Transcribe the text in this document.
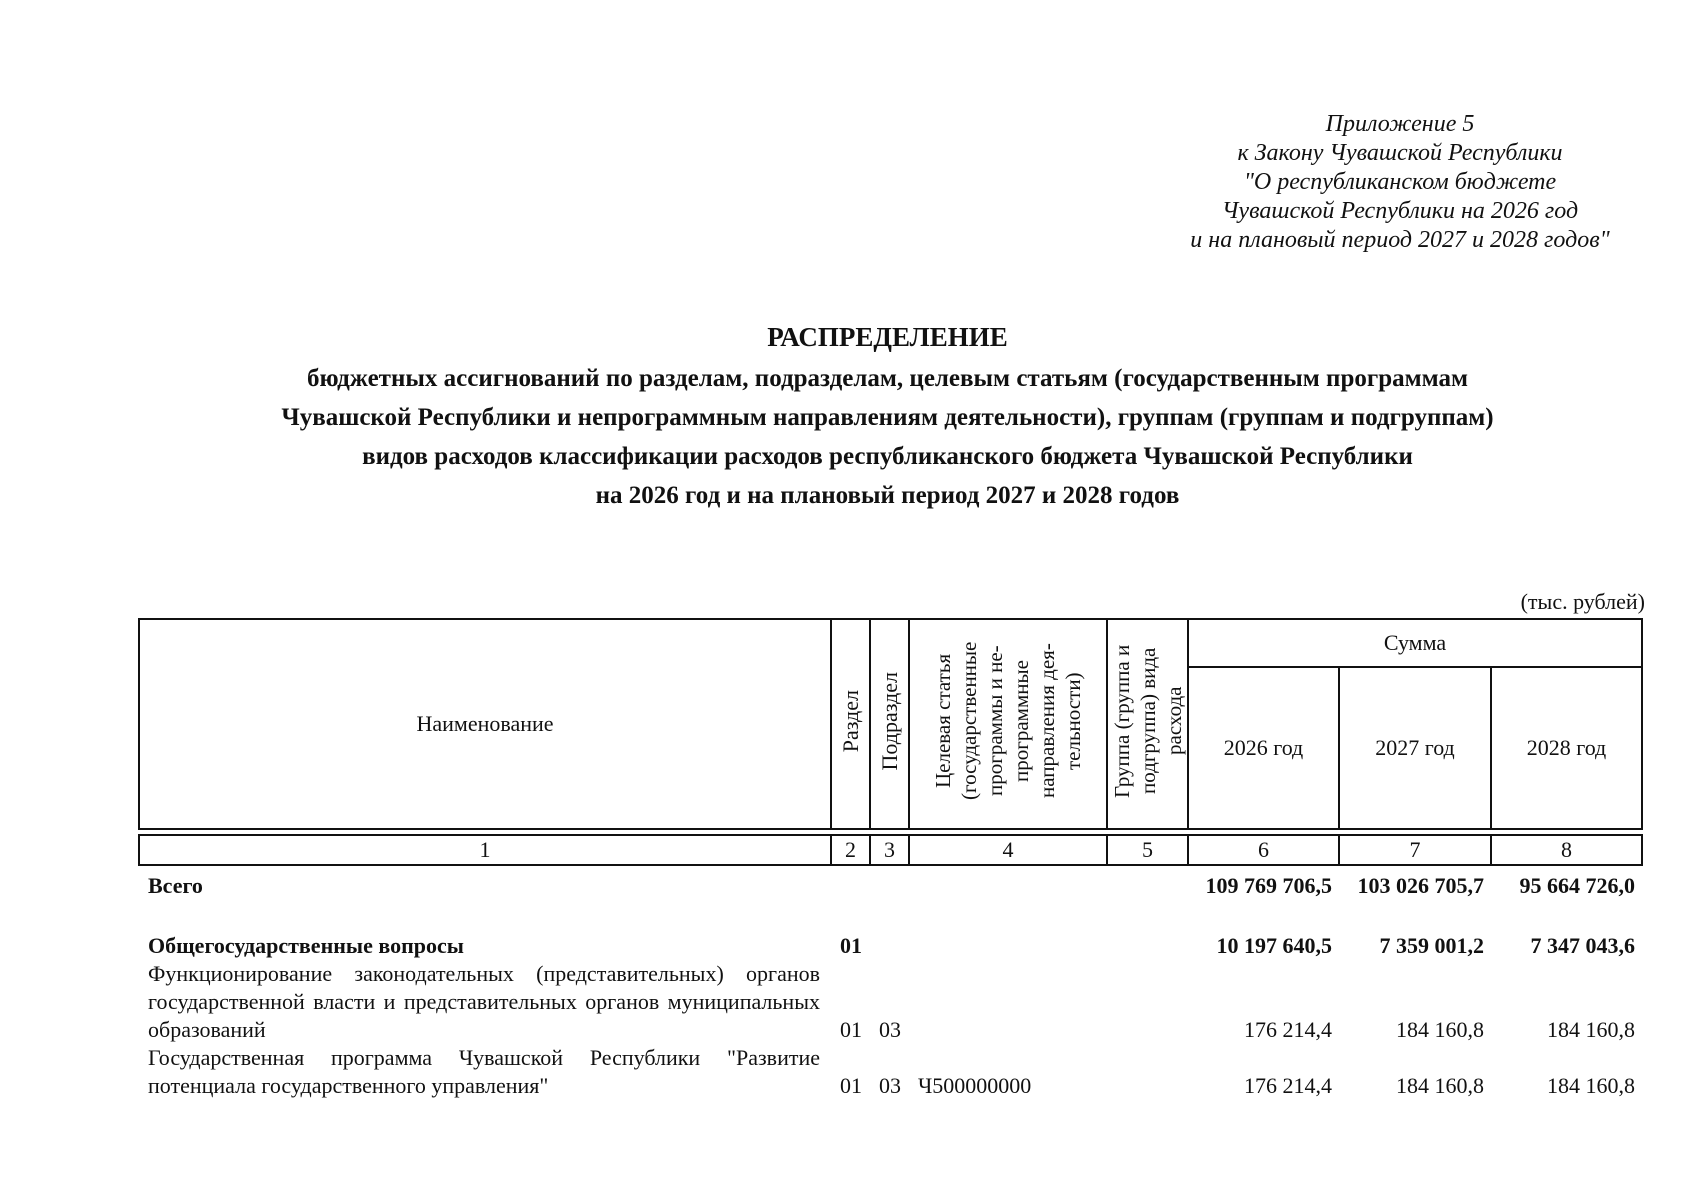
Приложение 5
к Закону Чувашской Республики
"О республиканском бюджете
Чувашской Республики на 2026 год
и на плановый период 2027 и 2028 годов"
РАСПРЕДЕЛЕНИЕ
бюджетных ассигнований по разделам, подразделам, целевым статьям (государственным программам
Чувашской Республики и непрограммным направлениям деятельности), группам (группам и подгруппам)
видов расходов классификации расходов республиканского бюджета Чувашской Республики
на 2026 год и на плановый период 2027 и 2028 годов
(тыс. рублей)
Наименование	Раздел	Подраздел	Целевая статья (государственные программы и не-программные направления дея-тельности)	Группа (группа и подгруппа) вида расхода	Сумма		
					2026 год	2027 год	2028 год

1	2	3	4	5	6	7	8
Всего					109 769 706,5	103 026 705,7	95 664 726,0
Общегосударственные вопросы	01				10 197 640,5	7 359 001,2	7 347 043,6
Функционирование законодательных (представительных) органов государственной власти и представительных органов муниципальных образований	01	03			176 214,4	184 160,8	184 160,8
Государственная программа Чувашской Республики "Развитие потенциала государственного управления"	01	03	Ч500000000		176 214,4	184 160,8	184 160,8
